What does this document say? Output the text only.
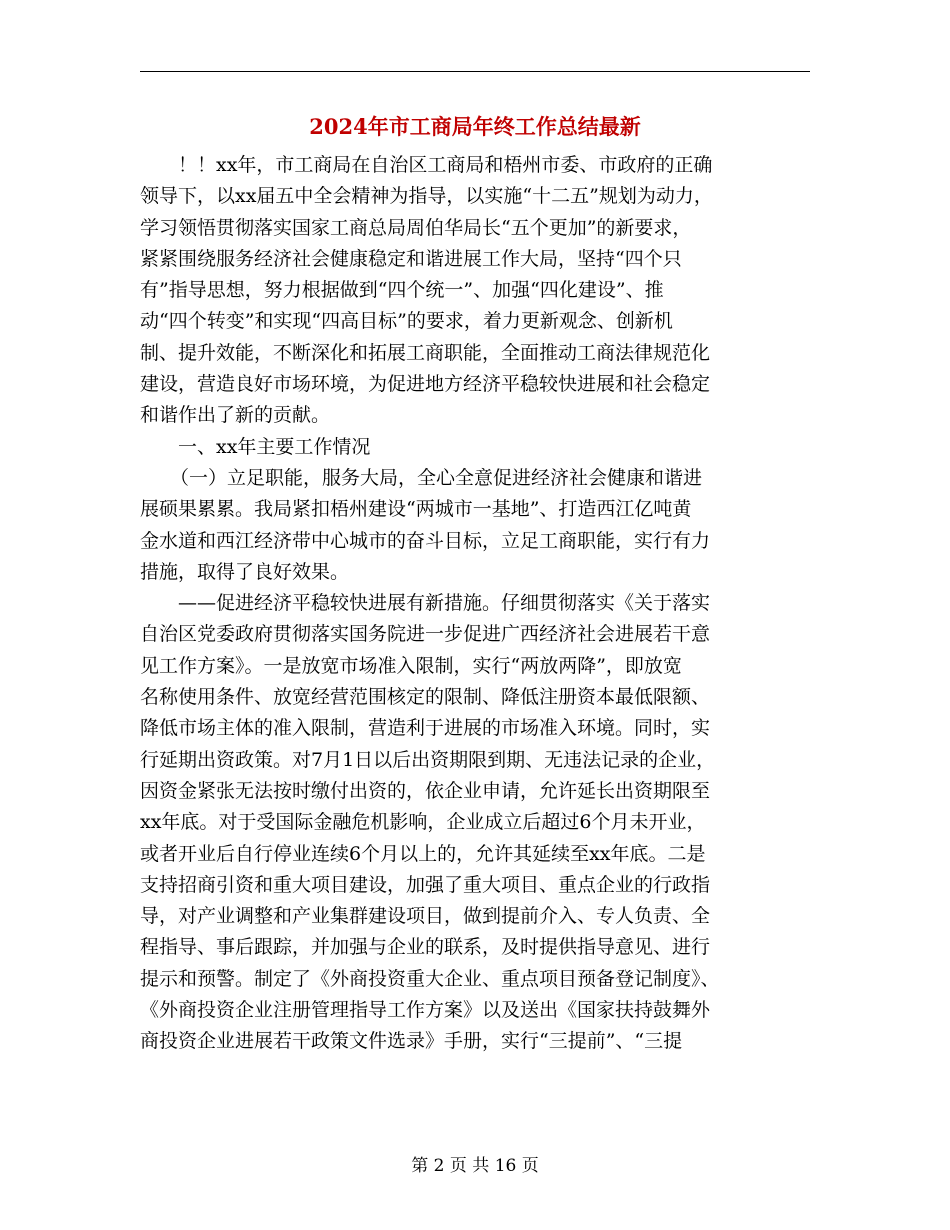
2024年市工商局年终工作总结最新
！！xx年，市工商局在自治区工商局和梧州市委、市政府的正确
领导下，以xx届五中全会精神为指导，以实施“十二五”规划为动力，
学习领悟贯彻落实国家工商总局周伯华局长“五个更加”的新要求，
紧紧围绕服务经济社会健康稳定和谐进展工作大局，坚持“四个只
有”指导思想，努力根据做到“四个统一”、加强“四化建设”、推
动“四个转变”和实现“四高目标”的要求，着力更新观念、创新机
制、提升效能，不断深化和拓展工商职能，全面推动工商法律规范化
建设，营造良好市场环境，为促进地方经济平稳较快进展和社会稳定
和谐作出了新的贡献。
一、xx年主要工作情况
（一）立足职能，服务大局，全心全意促进经济社会健康和谐进
展硕果累累。我局紧扣梧州建设“两城市一基地”、打造西江亿吨黄
金水道和西江经济带中心城市的奋斗目标，立足工商职能，实行有力
措施，取得了良好效果。
——促进经济平稳较快进展有新措施。仔细贯彻落实《关于落实
自治区党委政府贯彻落实国务院进一步促进广西经济社会进展若干意
见工作方案》。一是放宽市场准入限制，实行“两放两降”，即放宽
名称使用条件、放宽经营范围核定的限制、降低注册资本最低限额、
降低市场主体的准入限制，营造利于进展的市场准入环境。同时，实
行延期出资政策。对7月1日以后出资期限到期、无违法记录的企业，
因资金紧张无法按时缴付出资的，依企业申请，允许延长出资期限至
xx年底。对于受国际金融危机影响，企业成立后超过6个月未开业，
或者开业后自行停业连续6个月以上的，允许其延续至xx年底。二是
支持招商引资和重大项目建设，加强了重大项目、重点企业的行政指
导，对产业调整和产业集群建设项目，做到提前介入、专人负责、全
程指导、事后跟踪，并加强与企业的联系，及时提供指导意见、进行
提示和预警。制定了《外商投资重大企业、重点项目预备登记制度》、
《外商投资企业注册管理指导工作方案》以及送出《国家扶持鼓舞外
商投资企业进展若干政策文件选录》手册，实行“三提前”、“三提
第 2 页 共 16 页
